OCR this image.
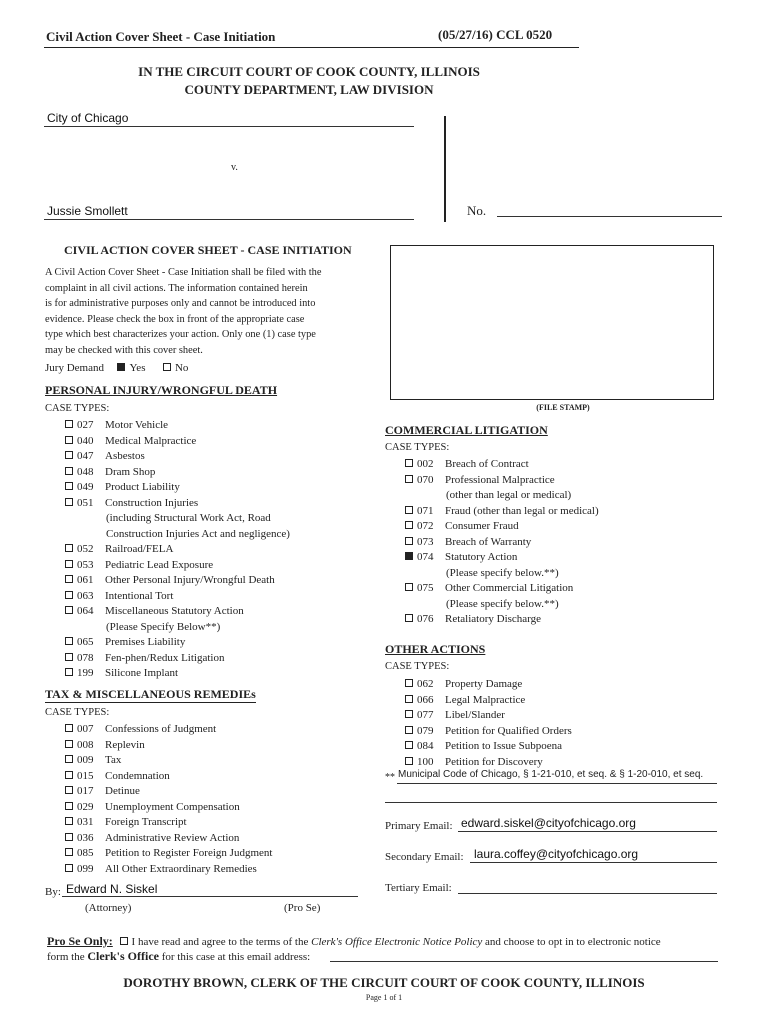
Civil Action Cover Sheet - Case Initiation	(05/27/16) CCL 0520
IN THE CIRCUIT COURT OF COOK COUNTY, ILLINOIS
COUNTY DEPARTMENT, LAW DIVISION
City of Chicago
v.
Jussie Smollett	No.
CIVIL ACTION COVER SHEET - CASE INITIATION
A Civil Action Cover Sheet - Case Initiation shall be filed with the
complaint in all civil actions. The information contained herein
is for administrative purposes only and cannot be introduced into
evidence. Please check the box in front of the appropriate case
type which best characterizes your action. Only one (1) case type
may be checked with this cover sheet.
Jury Demand Yes	No
(FILE STAMP)
PERSONAL INJURY/WRONGFUL DEATH
CASE TYPES:
027 Motor Vehicle
040 Medical Malpractice
047 Asbestos
048 Dram Shop
049 Product Liability
051 Construction Injuries
(including Structural Work Act, Road
Construction Injuries Act and negligence)
052 Railroad/FELA
053 Pediatric Lead Exposure
061 Other Personal Injury/Wrongful Death
063 Intentional Tort
064 Miscellaneous Statutory Action
(Please Specify Below**)
065 Premises Liability
078 Fen-phen/Redux Litigation
199 Silicone Implant
TAX & MISCELLANEOUS REMEDIEs
CASE TYPES:
007 Confessions of Judgment
008 Replevin
009 Tax
015 Condemnation
017 Detinue
029 Unemployment Compensation
031 Foreign Transcript
036 Administrative Review Action
085 Petition to Register Foreign Judgment
099 All Other Extraordinary Remedies
COMMERCIAL LITIGATION
CASE TYPES:
002 Breach of Contract
070 Professional Malpractice
(other than legal or medical)
071 Fraud (other than legal or medical)
072 Consumer Fraud
073 Breach of Warranty
074 Statutory Action
(Please specify below.**)
075 Other Commercial Litigation
(Please specify below.**)
076 Retaliatory Discharge
OTHER ACTIONS
CASE TYPES:
062 Property Damage
066 Legal Malpractice
077 Libel/Slander
079 Petition for Qualified Orders
084 Petition to Issue Subpoena
100 Petition for Discovery
** Municipal Code of Chicago, § 1-21-010, et seq. & § 1-20-010, et seq.
Primary Email: edward.siskel@cityofchicago.org
Secondary Email: laura.coffey@cityofchicago.org
Tertiary Email:
By: Edward N. Siskel
(Attorney)	(Pro Se)
Pro Se Only: I have read and agree to the terms of the Clerk's Office Electronic Notice Policy and choose to opt in to electronic notice
form the Clerk's Office for this case at this email address:
DOROTHY BROWN, CLERK OF THE CIRCUIT COURT OF COOK COUNTY, ILLINOIS
Page 1 of 1
